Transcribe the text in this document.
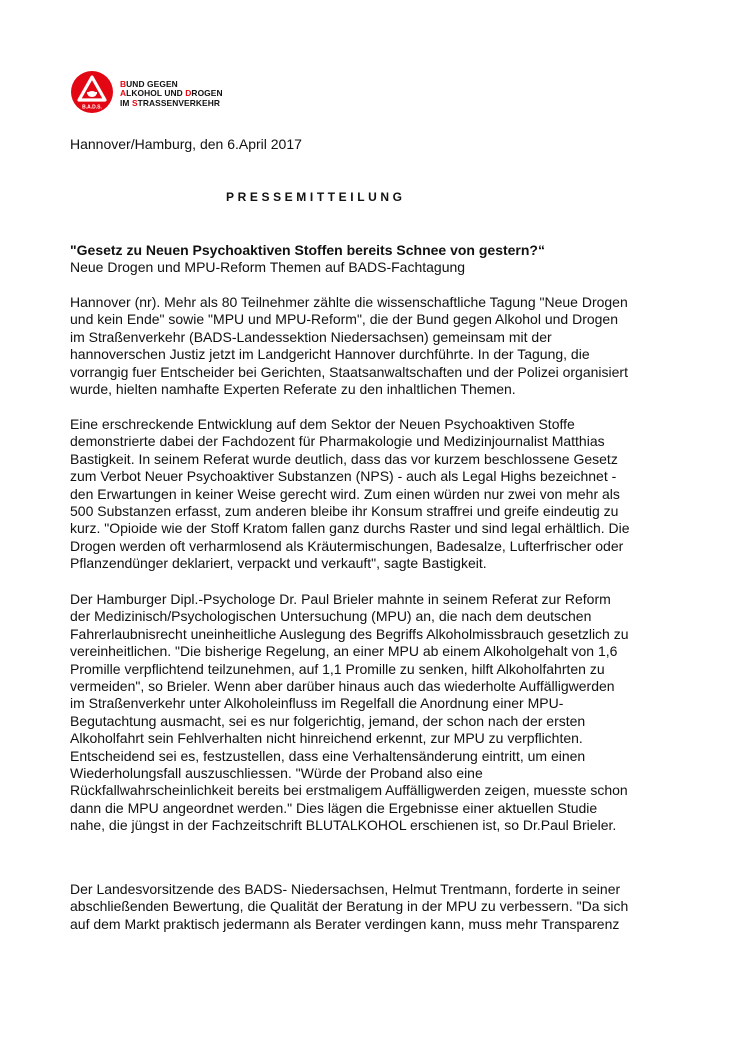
B.A.D.S.
BUND GEGEN
ALKOHOL UND DROGEN
IM STRASSENVERKEHR
Hannover/Hamburg, den 6.April 2017
PRESSEMITTEILUNG
"Gesetz zu Neuen Psychoaktiven Stoffen bereits Schnee von gestern?“
Neue Drogen und MPU-Reform Themen auf BADS-Fachtagung
Hannover (nr). Mehr als 80 Teilnehmer zählte die wissenschaftliche Tagung "Neue Drogen
und kein Ende" sowie "MPU und MPU-Reform", die der Bund gegen Alkohol und Drogen
im Straßenverkehr (BADS-Landessektion Niedersachsen) gemeinsam mit der
hannoverschen Justiz jetzt im Landgericht Hannover durchführte. In der Tagung, die
vorrangig fuer Entscheider bei Gerichten, Staatsanwaltschaften und der Polizei organisiert
wurde, hielten namhafte Experten Referate zu den inhaltlichen Themen.
Eine erschreckende Entwicklung auf dem Sektor der Neuen Psychoaktiven Stoffe
demonstrierte dabei der Fachdozent für Pharmakologie und Medizinjournalist Matthias
Bastigkeit. In seinem Referat wurde deutlich, dass das vor kurzem beschlossene Gesetz
zum Verbot Neuer Psychoaktiver Substanzen (NPS) - auch als Legal Highs bezeichnet -
den Erwartungen in keiner Weise gerecht wird. Zum einen würden nur zwei von mehr als
500 Substanzen erfasst, zum anderen bleibe ihr Konsum straffrei und greife eindeutig zu
kurz. "Opioide wie der Stoff Kratom fallen ganz durchs Raster und sind legal erhältlich. Die
Drogen werden oft verharmlosend als Kräutermischungen, Badesalze, Lufterfrischer oder
Pflanzendünger deklariert, verpackt und verkauft", sagte Bastigkeit.
Der Hamburger Dipl.-Psychologe Dr. Paul Brieler mahnte in seinem Referat zur Reform
der Medizinisch/Psychologischen Untersuchung (MPU) an, die nach dem deutschen
Fahrerlaubnisrecht uneinheitliche Auslegung des Begriffs Alkoholmissbrauch gesetzlich zu
vereinheitlichen. "Die bisherige Regelung, an einer MPU ab einem Alkoholgehalt von 1,6
Promille verpflichtend teilzunehmen, auf 1,1 Promille zu senken, hilft Alkoholfahrten zu
vermeiden", so Brieler. Wenn aber darüber hinaus auch das wiederholte Auffälligwerden
im Straßenverkehr unter Alkoholeinfluss im Regelfall die Anordnung einer MPU-
Begutachtung ausmacht, sei es nur folgerichtig, jemand, der schon nach der ersten
Alkoholfahrt sein Fehlverhalten nicht hinreichend erkennt, zur MPU zu verpflichten.
Entscheidend sei es, festzustellen, dass eine Verhaltensänderung eintritt, um einen
Wiederholungsfall auszuschliessen. "Würde der Proband also eine
Rückfallwahrscheinlichkeit bereits bei erstmaligem Auffälligwerden zeigen, muesste schon
dann die MPU angeordnet werden." Dies lägen die Ergebnisse einer aktuellen Studie
nahe, die jüngst in der Fachzeitschrift BLUTALKOHOL erschienen ist, so Dr.Paul Brieler.
Der Landesvorsitzende des BADS- Niedersachsen, Helmut Trentmann, forderte in seiner
abschließenden Bewertung, die Qualität der Beratung in der MPU zu verbessern. "Da sich
auf dem Markt praktisch jedermann als Berater verdingen kann, muss mehr Transparenz
